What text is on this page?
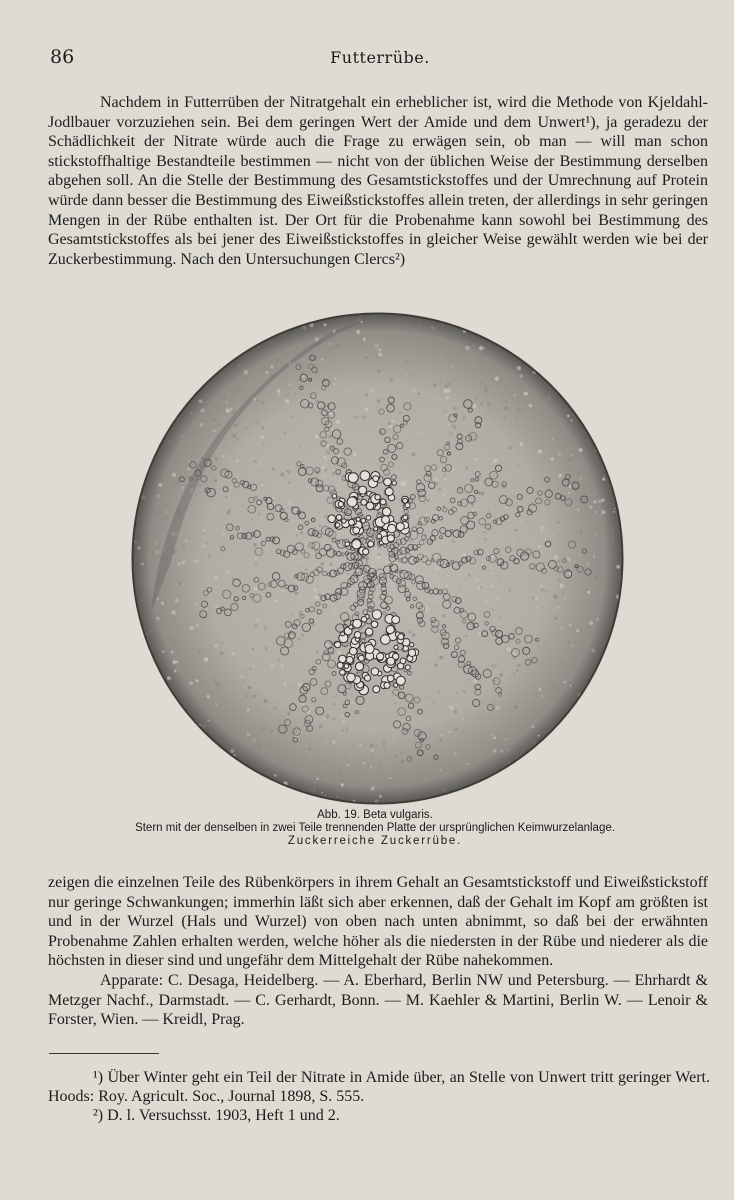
86	Futterrübe.

Nachdem in Futterrüben der Nitratgehalt ein erheblicher ist, wird die Methode von Kjeldahl-Jodlbauer vorzuziehen sein. Bei dem geringen Wert der Amide und dem Unwert¹), ja geradezu der Schädlichkeit der Nitrate würde auch die Frage zu erwägen sein, ob man — will man schon stickstoffhaltige Bestandteile bestimmen — nicht von der üblichen Weise der Bestimmung derselben abgehen soll. An die Stelle der Bestimmung des Gesamtstickstoffes und der Umrechnung auf Protein würde dann besser die Bestimmung des Eiweißstickstoffes allein treten, der allerdings in sehr geringen Mengen in der Rübe enthalten ist. Der Ort für die Probenahme kann sowohl bei Bestimmung des Gesamtstickstoffes als bei jener des Eiweißstickstoffes in gleicher Weise gewählt werden wie bei der Zuckerbestimmung. Nach den Untersuchungen Clercs²)

Abb. 19. Beta vulgaris.
Stern mit der denselben in zwei Teile trennenden Platte der ursprünglichen Keimwurzelanlage.
Zuckerreiche Zuckerrübe.

zeigen die einzelnen Teile des Rübenkörpers in ihrem Gehalt an Gesamtstickstoff und Eiweißstickstoff nur geringe Schwankungen; immerhin läßt sich aber erkennen, daß der Gehalt im Kopf am größten ist und in der Wurzel (Hals und Wurzel) von oben nach unten abnimmt, so daß bei der erwähnten Probenahme Zahlen erhalten werden, welche höher als die niedersten in der Rübe und niederer als die höchsten in dieser sind und ungefähr dem Mittelgehalt der Rübe nahekommen.

Apparate: C. Desaga, Heidelberg. — A. Eberhard, Berlin NW und Petersburg. — Ehrhardt & Metzger Nachf., Darmstadt. — C. Gerhardt, Bonn. — M. Kaehler & Martini, Berlin W. — Lenoir & Forster, Wien. — Kreidl, Prag.

¹) Über Winter geht ein Teil der Nitrate in Amide über, an Stelle von Unwert tritt geringer Wert. Hoods: Roy. Agricult. Soc., Journal 1898, S. 555.
²) D. l. Versuchsst. 1903, Heft 1 und 2.
